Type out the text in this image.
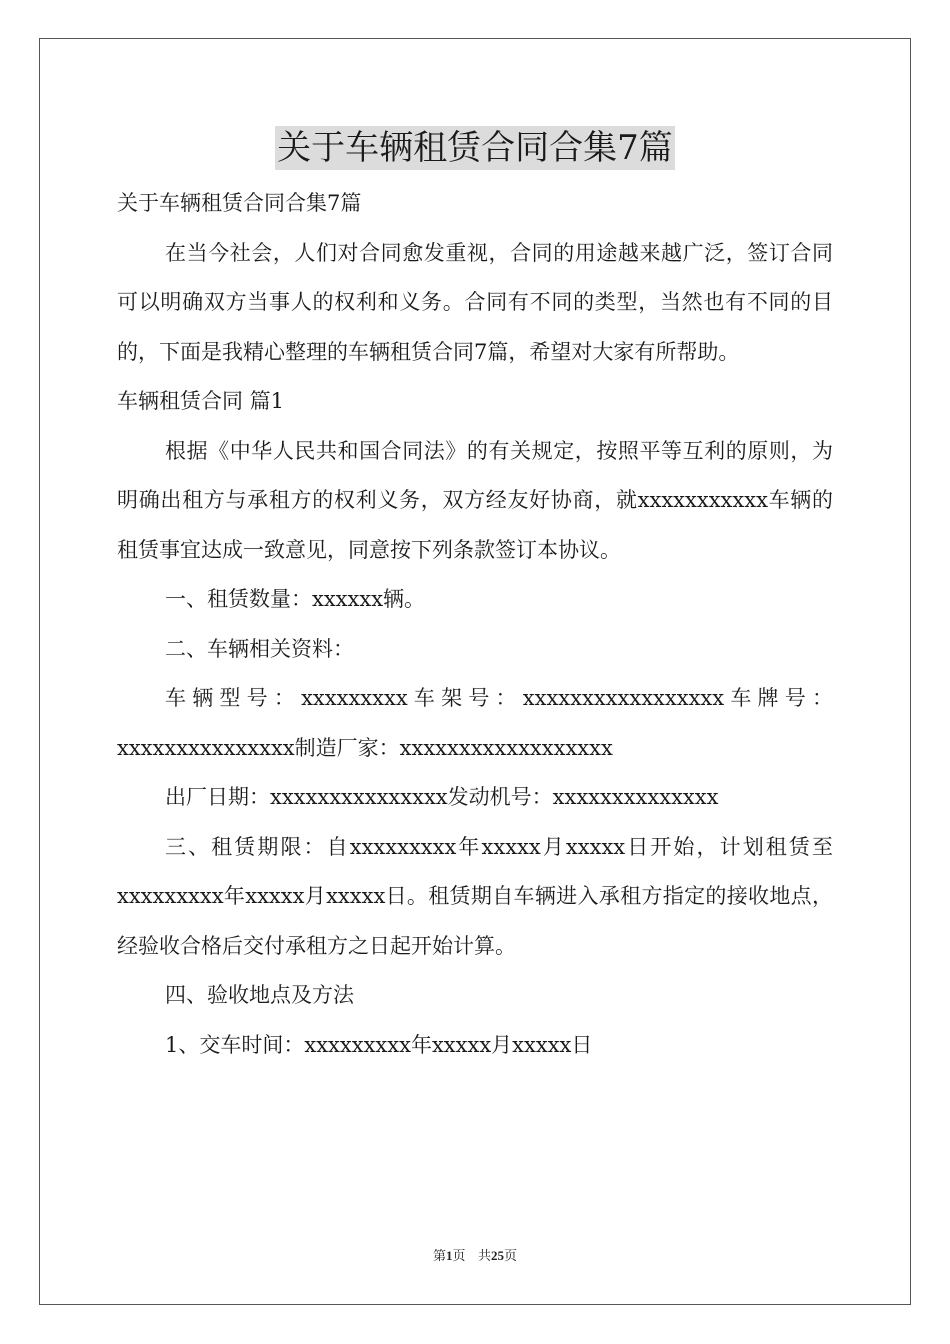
关于车辆租赁合同合集7篇

关于车辆租赁合同合集7篇

在当今社会，人们对合同愈发重视，合同的用途越来越广泛，签订合同可以明确双方当事人的权利和义务。合同有不同的类型，当然也有不同的目的，下面是我精心整理的车辆租赁合同7篇，希望对大家有所帮助。

车辆租赁合同 篇1

根据《中华人民共和国合同法》的有关规定，按照平等互利的原则，为明确出租方与承租方的权利义务，双方经友好协商，就xxxxxxxxxxx车辆的租赁事宜达成一致意见，同意按下列条款签订本协议。

一、租赁数量：xxxxxx辆。

二、车辆相关资料：

车辆型号：xxxxxxxxx车架号：xxxxxxxxxxxxxxxxx车牌号：xxxxxxxxxxxxxxx制造厂家：xxxxxxxxxxxxxxxxxx

出厂日期：xxxxxxxxxxxxxxx发动机号：xxxxxxxxxxxxxx

三、租赁期限：自xxxxxxxxx年xxxxx月xxxxx日开始，计划租赁至xxxxxxxxx年xxxxx月xxxxx日。租赁期自车辆进入承租方指定的接收地点，经验收合格后交付承租方之日起开始计算。

四、验收地点及方法

1、交车时间：xxxxxxxxx年xxxxx月xxxxx日

第1页 共25页
